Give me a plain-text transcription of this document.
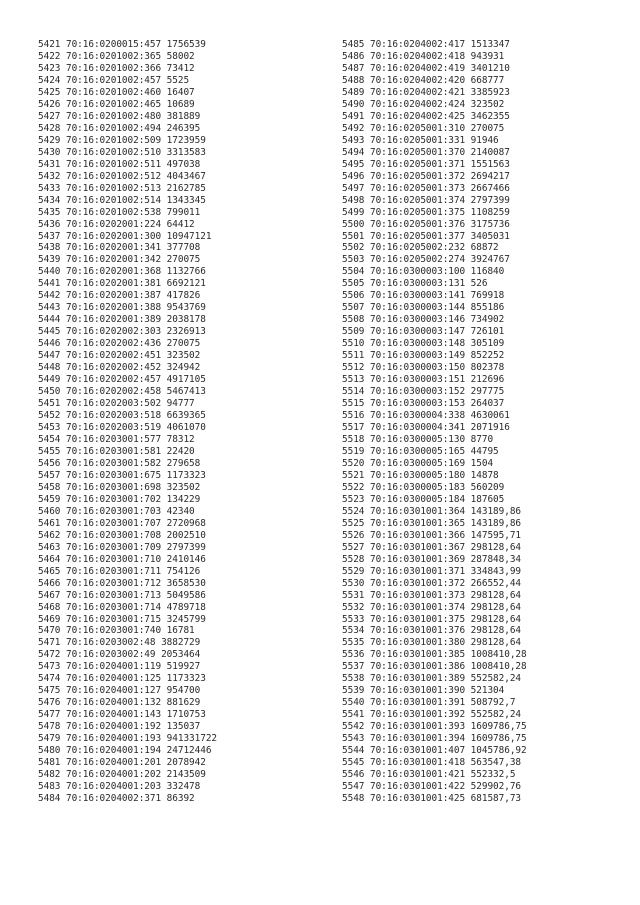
5421 70:16:0200015:457 1756539
5422 70:16:0201002:365 58002
5423 70:16:0201002:366 73412
5424 70:16:0201002:457 5525
5425 70:16:0201002:460 16407
5426 70:16:0201002:465 10689
5427 70:16:0201002:480 381889
5428 70:16:0201002:494 246395
5429 70:16:0201002:509 1723959
5430 70:16:0201002:510 3313583
5431 70:16:0201002:511 497038
5432 70:16:0201002:512 4043467
5433 70:16:0201002:513 2162785
5434 70:16:0201002:514 1343345
5435 70:16:0201002:538 799011
5436 70:16:0202001:224 64412
5437 70:16:0202001:300 10947121
5438 70:16:0202001:341 377708
5439 70:16:0202001:342 270075
5440 70:16:0202001:368 1132766
5441 70:16:0202001:381 6692121
5442 70:16:0202001:387 417826
5443 70:16:0202001:388 9543769
5444 70:16:0202001:389 2038178
5445 70:16:0202002:303 2326913
5446 70:16:0202002:436 270075
5447 70:16:0202002:451 323502
5448 70:16:0202002:452 324942
5449 70:16:0202002:457 4917105
5450 70:16:0202002:458 5467413
5451 70:16:0202003:502 94777
5452 70:16:0202003:518 6639365
5453 70:16:0202003:519 4061070
5454 70:16:0203001:577 78312
5455 70:16:0203001:581 22420
5456 70:16:0203001:582 279658
5457 70:16:0203001:675 1173323
5458 70:16:0203001:698 323502
5459 70:16:0203001:702 134229
5460 70:16:0203001:703 42340
5461 70:16:0203001:707 2720968
5462 70:16:0203001:708 2002510
5463 70:16:0203001:709 2797399
5464 70:16:0203001:710 2410146
5465 70:16:0203001:711 754126
5466 70:16:0203001:712 3658530
5467 70:16:0203001:713 5049586
5468 70:16:0203001:714 4789718
5469 70:16:0203001:715 3245799
5470 70:16:0203001:740 16781
5471 70:16:0203002:48 3882729
5472 70:16:0203002:49 2053464
5473 70:16:0204001:119 519927
5474 70:16:0204001:125 1173323
5475 70:16:0204001:127 954700
5476 70:16:0204001:132 881629
5477 70:16:0204001:143 1710753
5478 70:16:0204001:192 135037
5479 70:16:0204001:193 941331722
5480 70:16:0204001:194 24712446
5481 70:16:0204001:201 2078942
5482 70:16:0204001:202 2143509
5483 70:16:0204001:203 332478
5484 70:16:0204002:371 86392
5485 70:16:0204002:417 1513347
5486 70:16:0204002:418 943931
5487 70:16:0204002:419 3401210
5488 70:16:0204002:420 668777
5489 70:16:0204002:421 3385923
5490 70:16:0204002:424 323502
5491 70:16:0204002:425 3462355
5492 70:16:0205001:310 270075
5493 70:16:0205001:331 91946
5494 70:16:0205001:370 2140087
5495 70:16:0205001:371 1551563
5496 70:16:0205001:372 2694217
5497 70:16:0205001:373 2667466
5498 70:16:0205001:374 2797399
5499 70:16:0205001:375 1108259
5500 70:16:0205001:376 3175736
5501 70:16:0205001:377 3405031
5502 70:16:0205002:232 68872
5503 70:16:0205002:274 3924767
5504 70:16:0300003:100 116840
5505 70:16:0300003:131 526
5506 70:16:0300003:141 769918
5507 70:16:0300003:144 855186
5508 70:16:0300003:146 734902
5509 70:16:0300003:147 726101
5510 70:16:0300003:148 305109
5511 70:16:0300003:149 852252
5512 70:16:0300003:150 802378
5513 70:16:0300003:151 212696
5514 70:16:0300003:152 297775
5515 70:16:0300003:153 264037
5516 70:16:0300004:338 4630061
5517 70:16:0300004:341 2071916
5518 70:16:0300005:130 8770
5519 70:16:0300005:165 44795
5520 70:16:0300005:169 1504
5521 70:16:0300005:180 14878
5522 70:16:0300005:183 560209
5523 70:16:0300005:184 187605
5524 70:16:0301001:364 143189,86
5525 70:16:0301001:365 143189,86
5526 70:16:0301001:366 147595,71
5527 70:16:0301001:367 298128,64
5528 70:16:0301001:369 287848,34
5529 70:16:0301001:371 334843,99
5530 70:16:0301001:372 266552,44
5531 70:16:0301001:373 298128,64
5532 70:16:0301001:374 298128,64
5533 70:16:0301001:375 298128,64
5534 70:16:0301001:376 298128,64
5535 70:16:0301001:380 298128,64
5536 70:16:0301001:385 1008410,28
5537 70:16:0301001:386 1008410,28
5538 70:16:0301001:389 552582,24
5539 70:16:0301001:390 521304
5540 70:16:0301001:391 508792,7
5541 70:16:0301001:392 552582,24
5542 70:16:0301001:393 1609786,75
5543 70:16:0301001:394 1609786,75
5544 70:16:0301001:407 1045786,92
5545 70:16:0301001:418 563547,38
5546 70:16:0301001:421 552332,5
5547 70:16:0301001:422 529902,76
5548 70:16:0301001:425 681587,73
